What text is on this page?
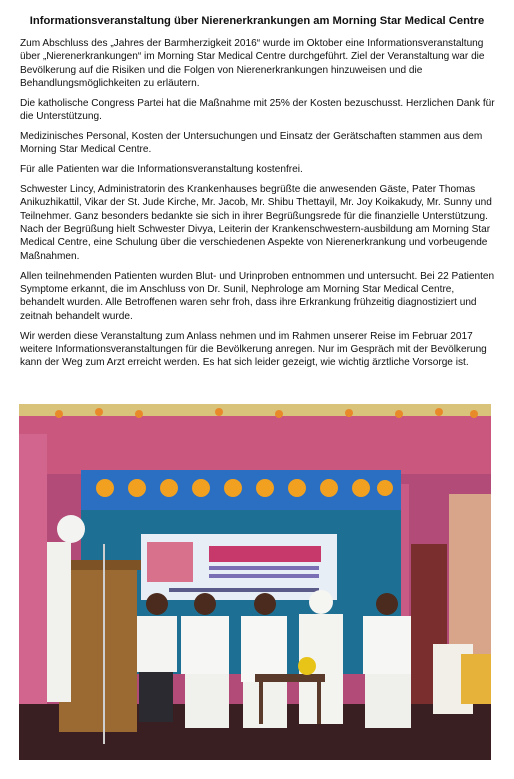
Informationsveranstaltung über Nierenerkrankungen am Morning Star Medical Centre

Zum Abschluss des „Jahres der Barmherzigkeit 2016“ wurde im Oktober eine Informationsveranstaltung über „Nierenerkrankungen“ im Morning Star Medical Centre durchgeführt. Ziel der Veranstaltung war die Bevölkerung auf die Risiken und die Folgen von Nierenerkrankungen hinzuweisen und die Behandlungsmöglichkeiten zu erläutern.

Die katholische Congress Partei hat die Maßnahme mit 25% der Kosten bezuschusst. Herzlichen Dank für die Unterstützung.

Medizinisches Personal, Kosten der Untersuchungen und Einsatz der Gerätschaften stammen aus dem Morning Star Medical Centre.

Für alle Patienten war die Informationsveranstaltung kostenfrei.

Schwester Lincy, Administratorin des Krankenhauses begrüßte die anwesenden Gäste, Pater Thomas Anikuzhikattil, Vikar der St. Jude Kirche, Mr. Jacob, Mr. Shibu Thettayil, Mr. Joy Koikakudy, Mr. Sunny und Teilnehmer. Ganz besonders bedankte sie sich in ihrer Begrüßungsrede für die finanzielle Unterstützung. Nach der Begrüßung hielt Schwester Divya, Leiterin der Krankenschwestern-ausbildung am Morning Star Medical Centre, eine Schulung über die verschiedenen Aspekte von Nierenerkrankung und vorbeugende Maßnahmen.

Allen teilnehmenden Patienten wurden Blut- und Urinproben entnommen und untersucht. Bei 22 Patienten Symptome erkannt, die im Anschluss von Dr. Sunil, Nephrologe am Morning Star Medical Centre, behandelt wurden. Alle Betroffenen waren sehr froh, dass ihre Erkrankung frühzeitig diagnostiziert und zeitnah behandelt wurde.

Wir werden diese Veranstaltung zum Anlass nehmen und im Rahmen unserer Reise im Februar 2017 weitere Informationsveranstaltungen für die Bevölkerung anregen. Nur im Gespräch mit der Bevölkerung kann der Weg zum Arzt erreicht werden. Es hat sich leider gezeigt, wie wichtig ärztliche Vorsorge ist.
